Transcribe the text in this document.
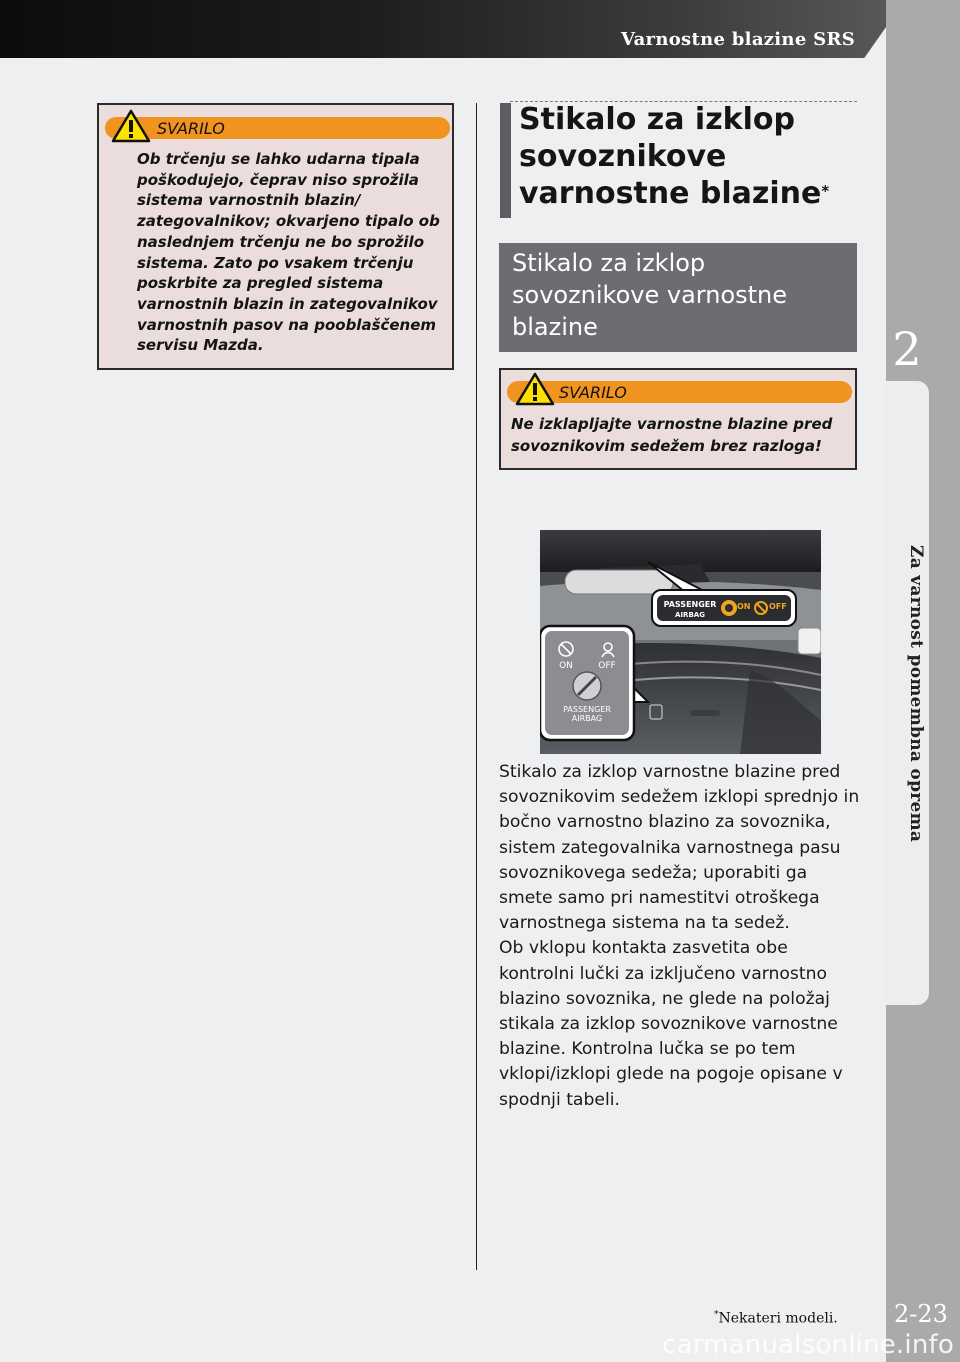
Varnostne blazine SRS
2
Za varnost pomembna oprema
2-23
SVARILO
Ob trčenju se lahko udarna tipala poškodujejo, čeprav niso sprožila sistema varnostnih blazin/ zategovalnikov; okvarjeno tipalo ob naslednjem trčenju ne bo sprožilo sistema. Zato po vsakem trčenju poskrbite za pregled sistema varnostnih blazin in zategovalnikov varnostnih pasov na pooblaščenem servisu Mazda.
Stikalo za izklop sovoznikove varnostne blazine*
Stikalo za izklop sovoznikove varnostne blazine
SVARILO
Ne izklapljajte varnostne blazine pred sovoznikovim sedežem brez razloga!
PASSENGER
AIRBAG
ON OFF
ON	OFF
PASSENGER
AIRBAG
Stikalo za izklop varnostne blazine pred sovoznikovim sedežem izklopi sprednjo in bočno varnostno blazino za sovoznika, sistem zategovalnika varnostnega pasu sovoznikovega sedeža; uporabiti ga smete samo pri namestitvi otroškega varnostnega sistema na ta sedež.
Ob vklopu kontakta zasvetita obe kontrolni lučki za izključeno varnostno blazino sovoznika, ne glede na položaj stikala za izklop sovoznikove varnostne blazine. Kontrolna lučka se po tem vklopi/izklopi glede na pogoje opisane v spodnji tabeli.
*Nekateri modeli.
carmanualsonline.info
